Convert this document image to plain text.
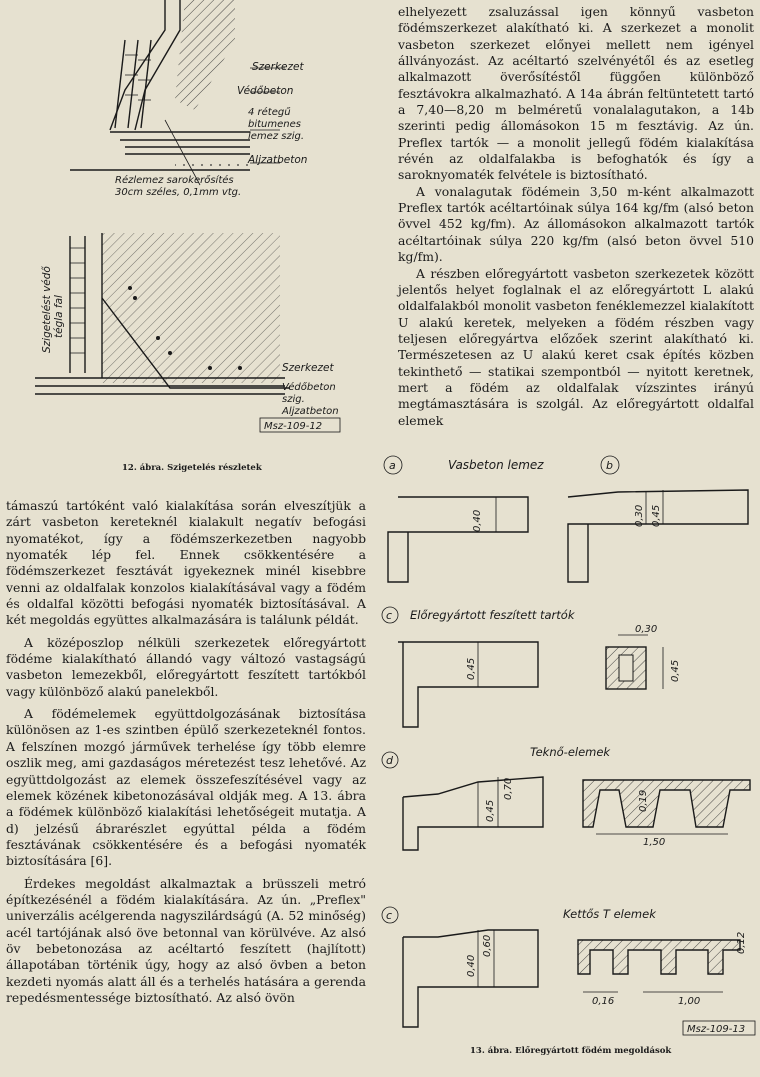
Szerkezet
Védőbeton
4 rétegű
bitumenes
lemez szig.
Aljzatbeton
Rézlemez sarokerősítés
30cm széles, 0,1mm vtg.
Szigetelést védő tégla fal
Szerkezet
Védőbeton
szig.
Aljzatbeton
Msz-109-12
12. ábra. Szigetelés részletek

elhelyezett zsaluzással igen könnyű vasbeton födémszerkezet alakítható ki. A szerkezet a monolit vasbeton szerkezet előnyei mellett nem igényel állványozást. Az acéltartó szelvényétől és az esetleg alkalmazott överősítéstől függően különböző fesztávokra alkalmazható. A 14a ábrán feltüntetett tartó a 7,40—8,20 m belméretű vonalalagutakon, a 14b szerinti pedig állomásokon 15 m fesztávig. Az ún. Preflex tartók — a monolit jellegű födém kialakítása révén az oldalfalakba is befoghatók és így a saroknyomaték felvétele is biztosítható.

A vonalagutak födémein 3,50 m-ként alkalmazott Preflex tartók acéltartóinak súlya 164 kg/fm (alsó beton övvel 452 kg/fm). Az állomásokon alkalmazott tartók acéltartóinak súlya 220 kg/fm (alsó beton övvel 510 kg/fm).

A részben előregyártott vasbeton szerkezetek között jelentős helyet foglalnak el az előregyártott L alakú oldalfalakból monolit vasbeton fenéklemezzel kialakított U alakú keretek, melyeken a födém részben vagy teljesen előregyártva előzőek szerint alakítható ki. Természetesen az U alakú keret csak építés közben tekinthető — statikai szempontból — nyitott keretnek, mert a födém az oldalfalak vízszintes irányú megtámasztására is szolgál. Az előregyártott oldalfal elemek

támaszú tartóként való kialakítása során elveszítjük a zárt vasbeton kereteknél kialakult negatív befogási nyomatékot, így a födémszerkezetben nagyobb nyomaték lép fel. Ennek csökkentésére a födémszerkezet fesztávát igyekeznek minél kisebbre venni az oldalfalak konzolos kialakításával vagy a födém és oldalfal közötti befogási nyomaték biztosításával. A két megoldás együttes alkalmazására is találunk példát.

A középoszlop nélküli szerkezetek előregyártott födéme kialakítható állandó vagy változó vastagságú vasbeton lemezekből, előregyártott feszített tartókból vagy különböző alakú panelekből.

A födémelemek együttdolgozásának biztosítása különösen az 1-es szintben épülő szerkezeteknél fontos. A felszínen mozgó járművek terhelése így több elemre oszlik meg, ami gazdaságos méretezést tesz lehetővé. Az együttdolgozást az elemek összefeszítésével vagy az elemek közének kibetonozásával oldják meg. A 13. ábra a födémek különböző kialakítási lehetőségeit mutatja. A d) jelzésű ábrarészlet egyúttal példa a födém fesztávának csökkentésére és a befogási nyomaték biztosítására [6].

Érdekes megoldást alkalmaztak a brüsszeli metró építkezésénél a födém kialakítására. Az ún. „Preflex" univerzális acélgerenda nagyszilárdságú (A. 52 minőség) acél tartójának alsó öve betonnal van körülvéve. Az alsó öv bebetonozása az acéltartó feszített (hajlított) állapotában történik úgy, hogy az alsó övben a beton kezdeti nyomás alatt áll és a terhelés hatására a gerenda repedésmentessége biztosítható. Az alsó övön

a	Vasbeton lemez
0,40
b
0,30 0,45
c Előregyártott feszített tartók
0,45
0,30
0,45
d
Teknő-elemek
0,45
0,70
0,19
1,50
c	Kettős T elemek
0,40
0,60	0,12
0,16	1,00
Msz-109-13
13. ábra. Előregyártott födém megoldások
